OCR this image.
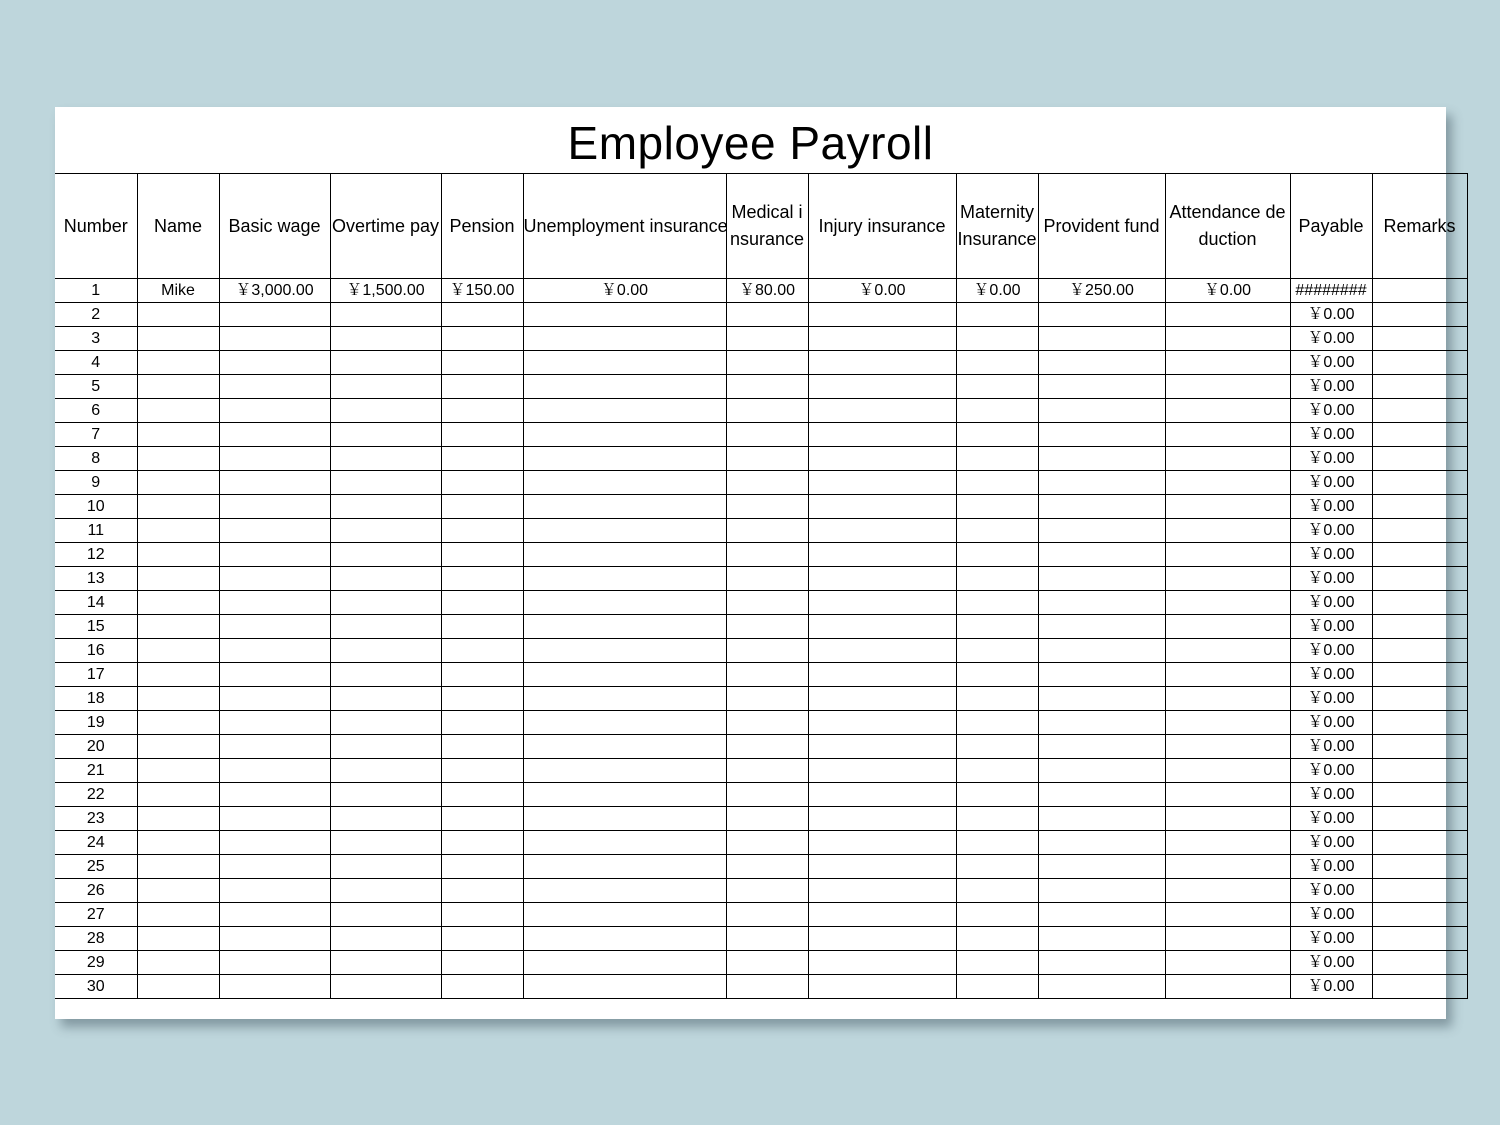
Employee Payroll
Number	Name	Basic wage	Overtime pay	Pension	Unemployment insurance	Medical insurance	Injury insurance	Maternity Insurance	Provident fund	Attendance deduction	Payable	Remarks
1	Mike	￥3,000.00	￥1,500.00	￥150.00	￥0.00	￥80.00	￥0.00	￥0.00	￥250.00	￥0.00	########	
2											￥0.00	
3											￥0.00	
4											￥0.00	
5											￥0.00	
6											￥0.00	
7											￥0.00	
8											￥0.00	
9											￥0.00	
10											￥0.00	
11											￥0.00	
12											￥0.00	
13											￥0.00	
14											￥0.00	
15											￥0.00	
16											￥0.00	
17											￥0.00	
18											￥0.00	
19											￥0.00	
20											￥0.00	
21											￥0.00	
22											￥0.00	
23											￥0.00	
24											￥0.00	
25											￥0.00	
26											￥0.00	
27											￥0.00	
28											￥0.00	
29											￥0.00	
30											￥0.00	
